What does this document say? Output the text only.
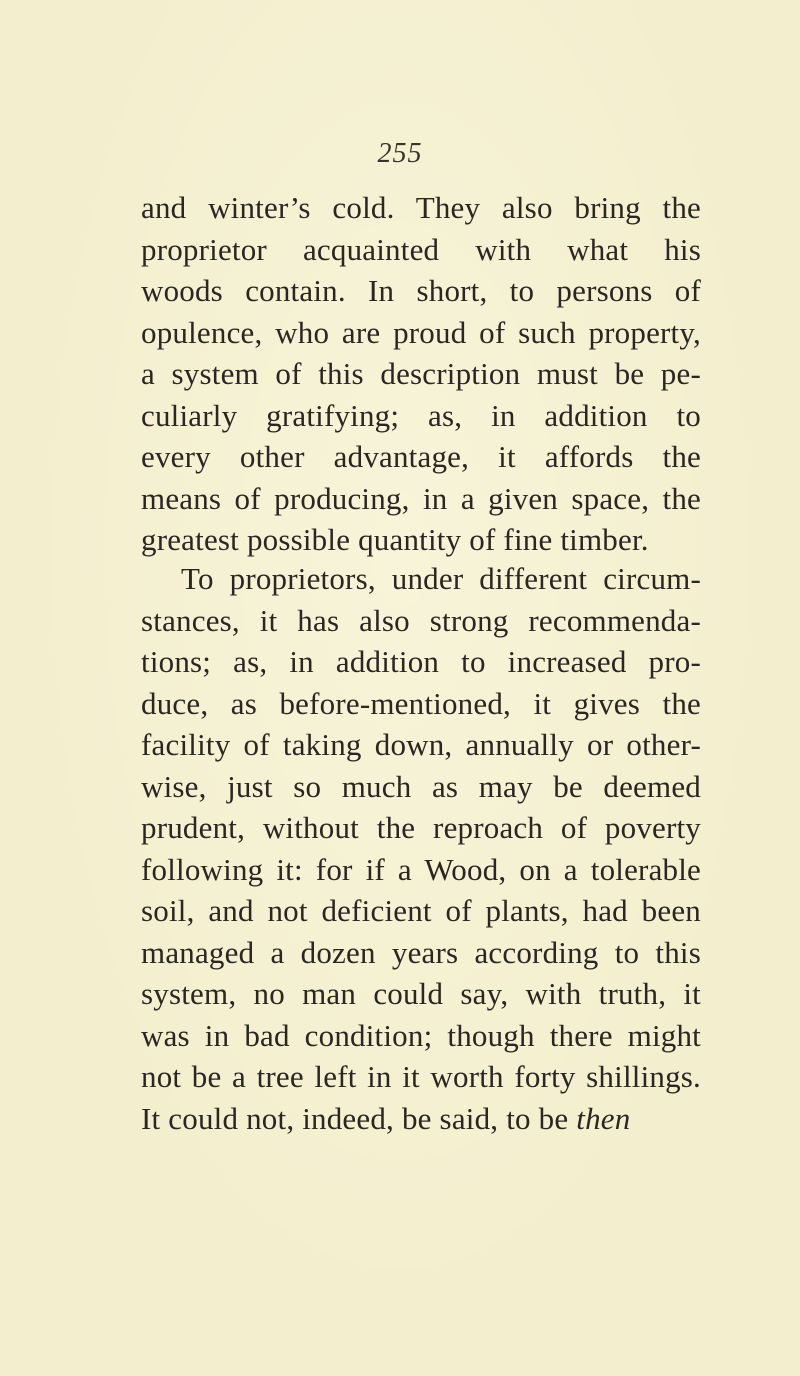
255
and winter’s cold. They also bring the
proprietor acquainted with what his
woods contain. In short, to persons of
opulence, who are proud of such property,
a system of this description must be pe-
culiarly gratifying; as, in addition to
every other advantage, it affords the
means of producing, in a given space, the
greatest possible quantity of fine timber.
To proprietors, under different circum-
stances, it has also strong recommenda-
tions; as, in addition to increased pro-
duce, as before-mentioned, it gives the
facility of taking down, annually or other-
wise, just so much as may be deemed
prudent, without the reproach of poverty
following it: for if a Wood, on a tolerable
soil, and not deficient of plants, had been
managed a dozen years according to this
system, no man could say, with truth, it
was in bad condition; though there might
not be a tree left in it worth forty shillings.
It could not, indeed, be said, to be then
